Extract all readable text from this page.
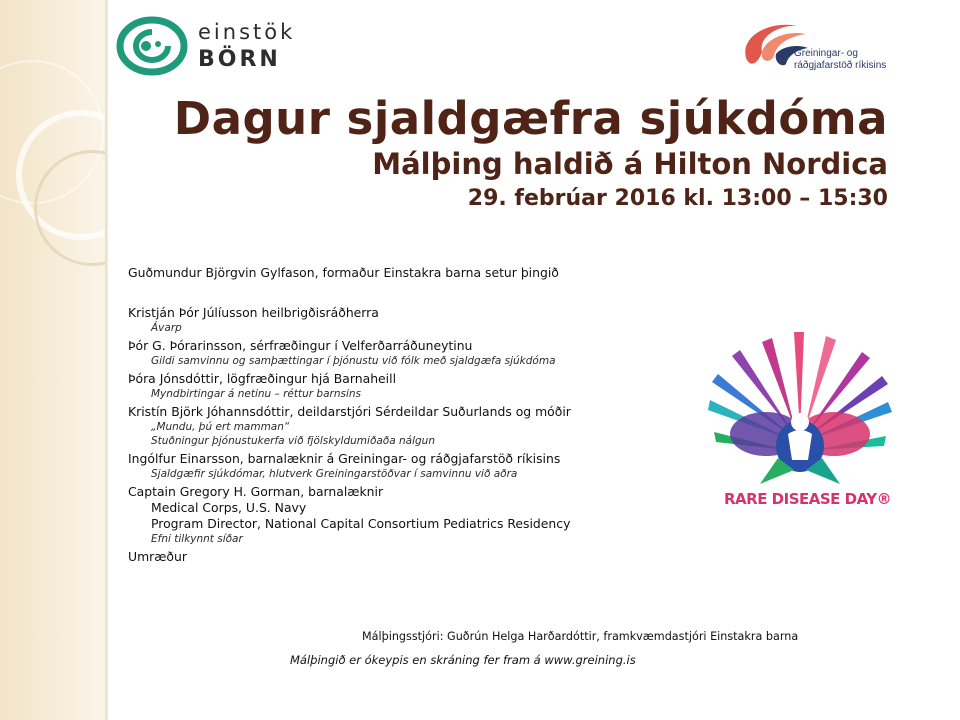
einstök
BÖRN	Greiningar- og
ráðgjafarstöð ríkisins
Dagur sjaldgæfra sjúkdóma
Málþing haldið á Hilton Nordica
29. febrúar 2016 kl. 13:00 – 15:30
Guðmundur Björgvin Gylfason, formaður Einstakra barna setur þingið
Kristján Þór Júlíusson heilbrigðisráðherra
Ávarp
Þór G. Þórarinsson, sérfræðingur í Velferðarráðuneytinu
Gildi samvinnu og samþættingar í þjónustu við fólk með sjaldgæfa sjúkdóma
Þóra Jónsdóttir, lögfræðingur hjá Barnaheill
Myndbirtingar á netinu – réttur barnsins
Kristín Björk Jóhannsdóttir, deildarstjóri Sérdeildar Suðurlands og móðir
„Mundu, þú ert mamman“
Stuðningur þjónustukerfa við fjölskyldumiðaða nálgun
Ingólfur Einarsson, barnalæknir á Greiningar- og ráðgjafarstöð ríkisins
Sjaldgæfir sjúkdómar, hlutverk Greiningarstöðvar í samvinnu við aðra
Captain Gregory H. Gorman, barnalæknir
Medical Corps, U.S. Navy
Program Director, National Capital Consortium Pediatrics Residency
Efni tilkynnt síðar
Umræður
RARE DISEASE DAY®
Málþingsstjóri: Guðrún Helga Harðardóttir, framkvæmdastjóri Einstakra barna
Málþingið er ókeypis en skráning fer fram á www.greining.is
